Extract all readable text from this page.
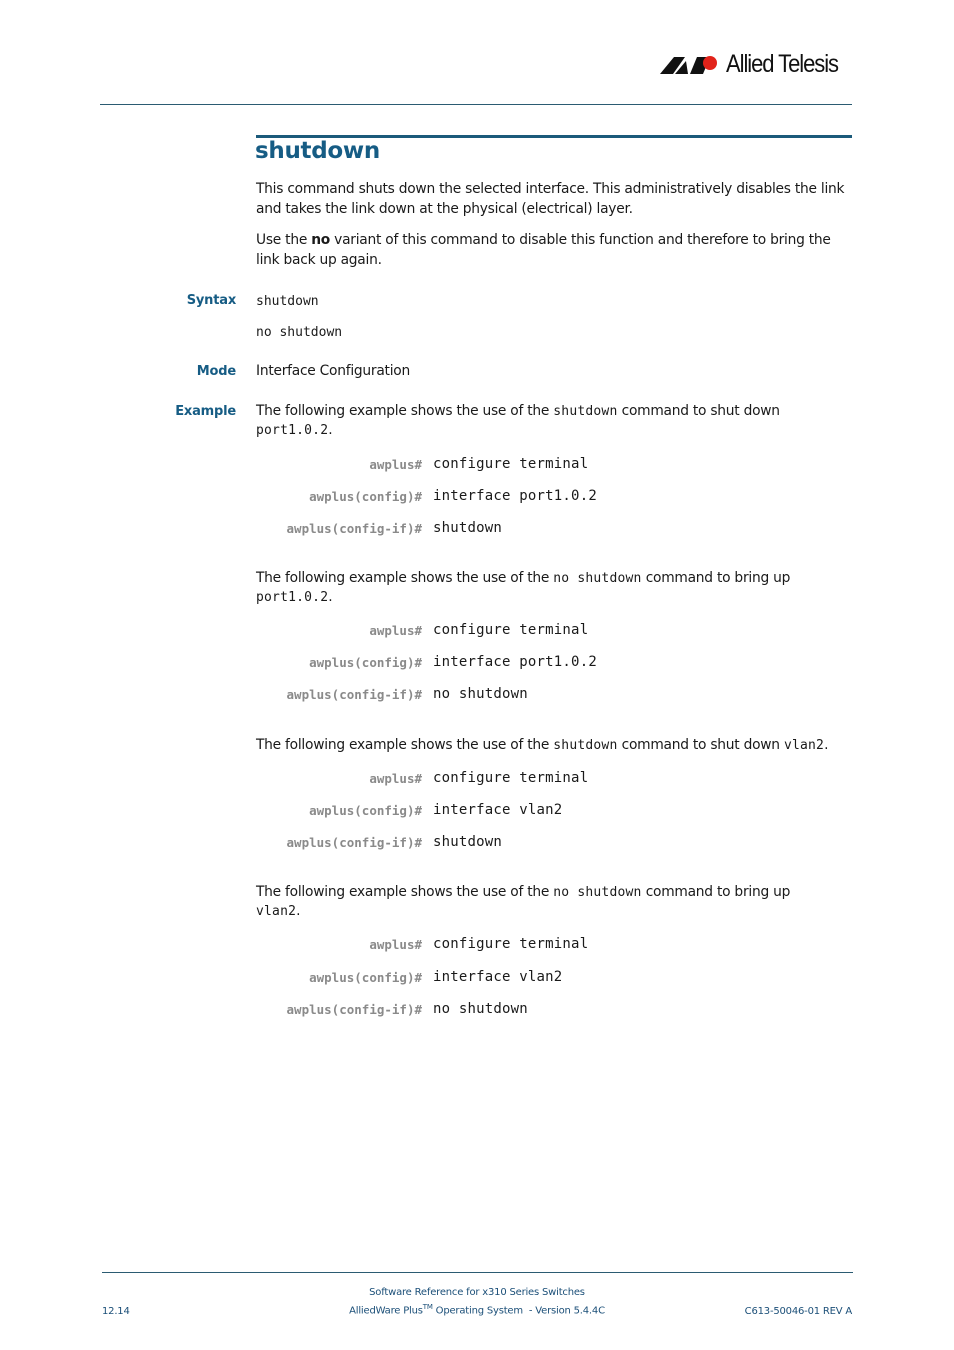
Allied Telesis
shutdown

This command shuts down the selected interface. This administratively disables the link and takes the link down at the physical (electrical) layer.

Use the no variant of this command to disable this function and therefore to bring the link back up again.

Syntax shutdown

no shutdown

Mode Interface Configuration

Example The following example shows the use of the shutdown command to shut down
port1.0.2.

awplus# configure terminal
awplus(config)# interface port1.0.2
awplus(config-if)# shutdown

The following example shows the use of the no shutdown command to bring up
port1.0.2.

awplus# configure terminal
awplus(config)# interface port1.0.2
awplus(config-if)# no shutdown

The following example shows the use of the shutdown command to shut down vlan2.

awplus# configure terminal
awplus(config)# interface vlan2
awplus(config-if)# shutdown

The following example shows the use of the no shutdown command to bring up
vlan2.

awplus# configure terminal
awplus(config)# interface vlan2
awplus(config-if)# no shutdown
12.14
Software Reference for x310 Series Switches
AlliedWare Plus™ Operating System  - Version 5.4.4C	C613-50046-01 REV A
